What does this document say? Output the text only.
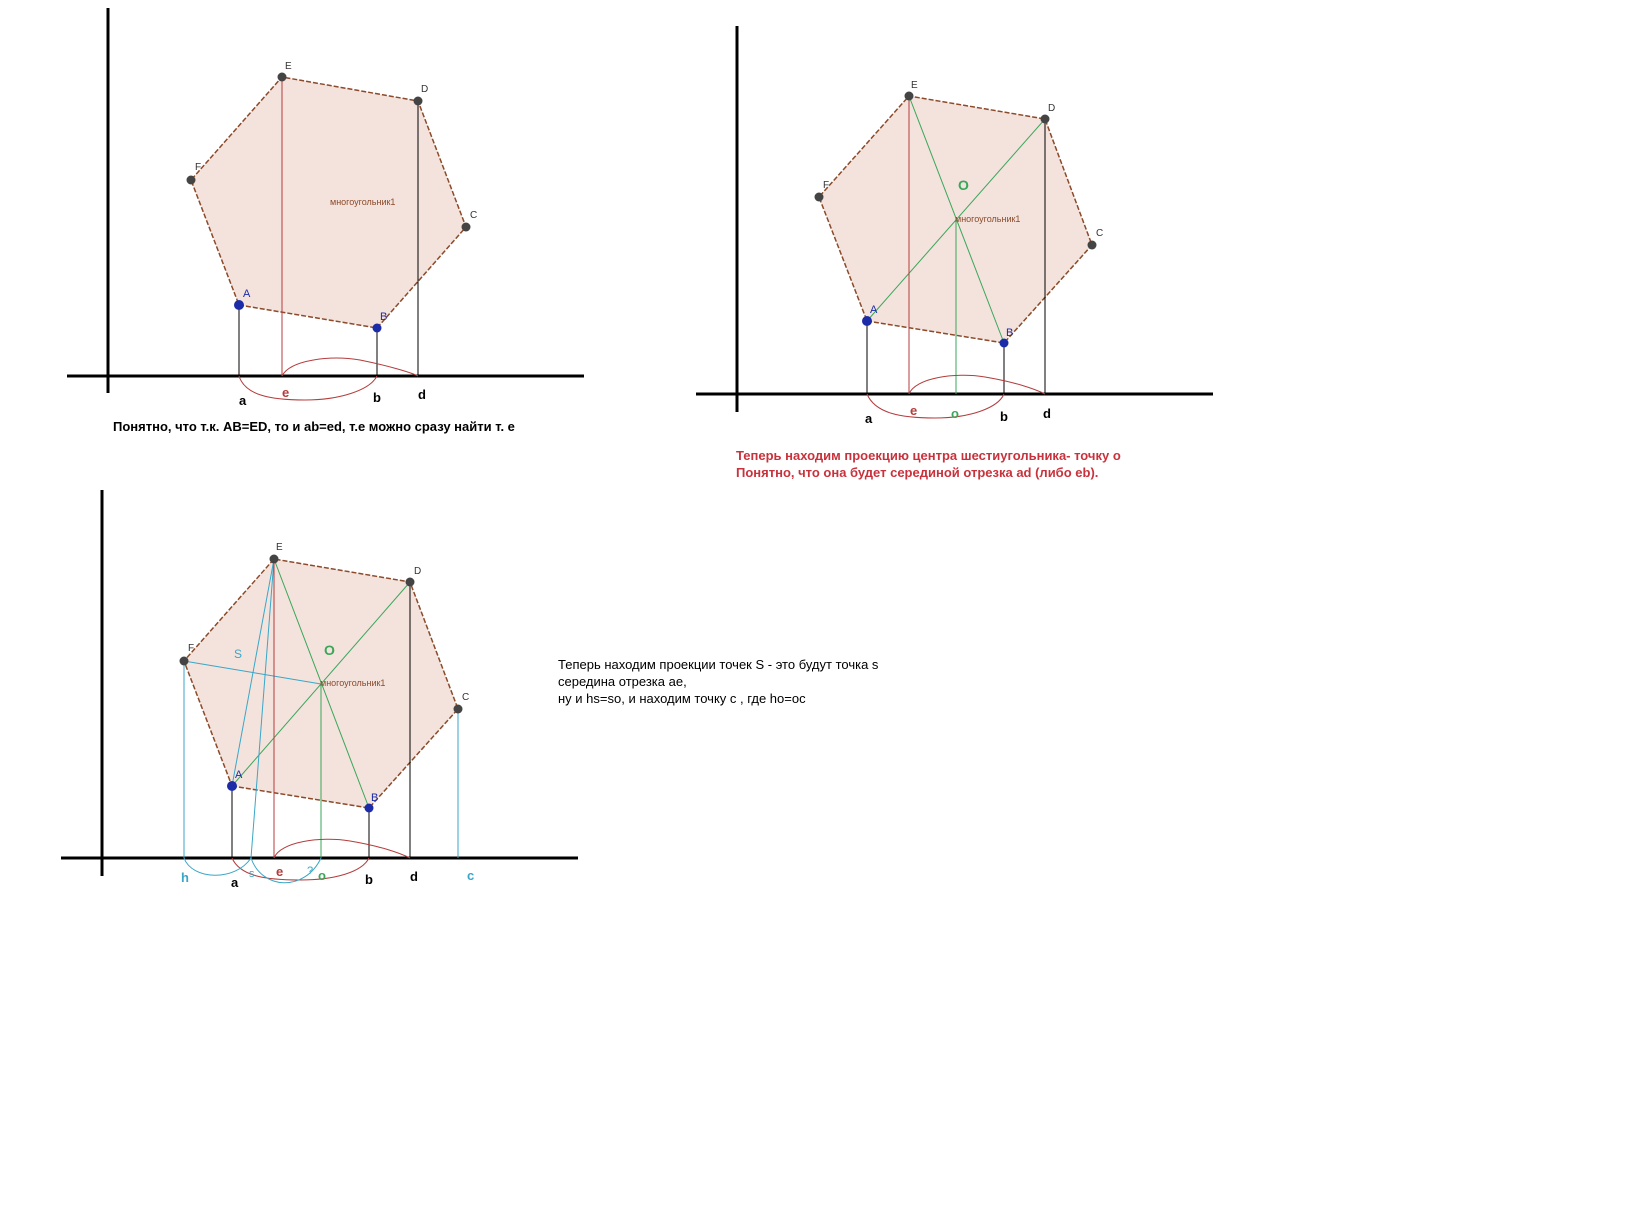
A
B
C
D
E
F
многоугольник1
a
e	b	d
A
B
C
D
E
F	O
многоугольник1
a
e	o	b	d
A
B
C
D
E
F	S	O
многоугольник1
h	a
s e ? o	b	d	c
Понятно, что т.к. AB=ED, то и ab=ed, т.е можно сразу найти т. е
Теперь находим проекцию центра шестиугольника- точку о
Понятно, что она будет серединой отрезка ad (либо eb).
Теперь находим проекции точек S - это будут точка s
середина отрезка ae,
ну и hs=so, и находим точку c , где ho=oc
